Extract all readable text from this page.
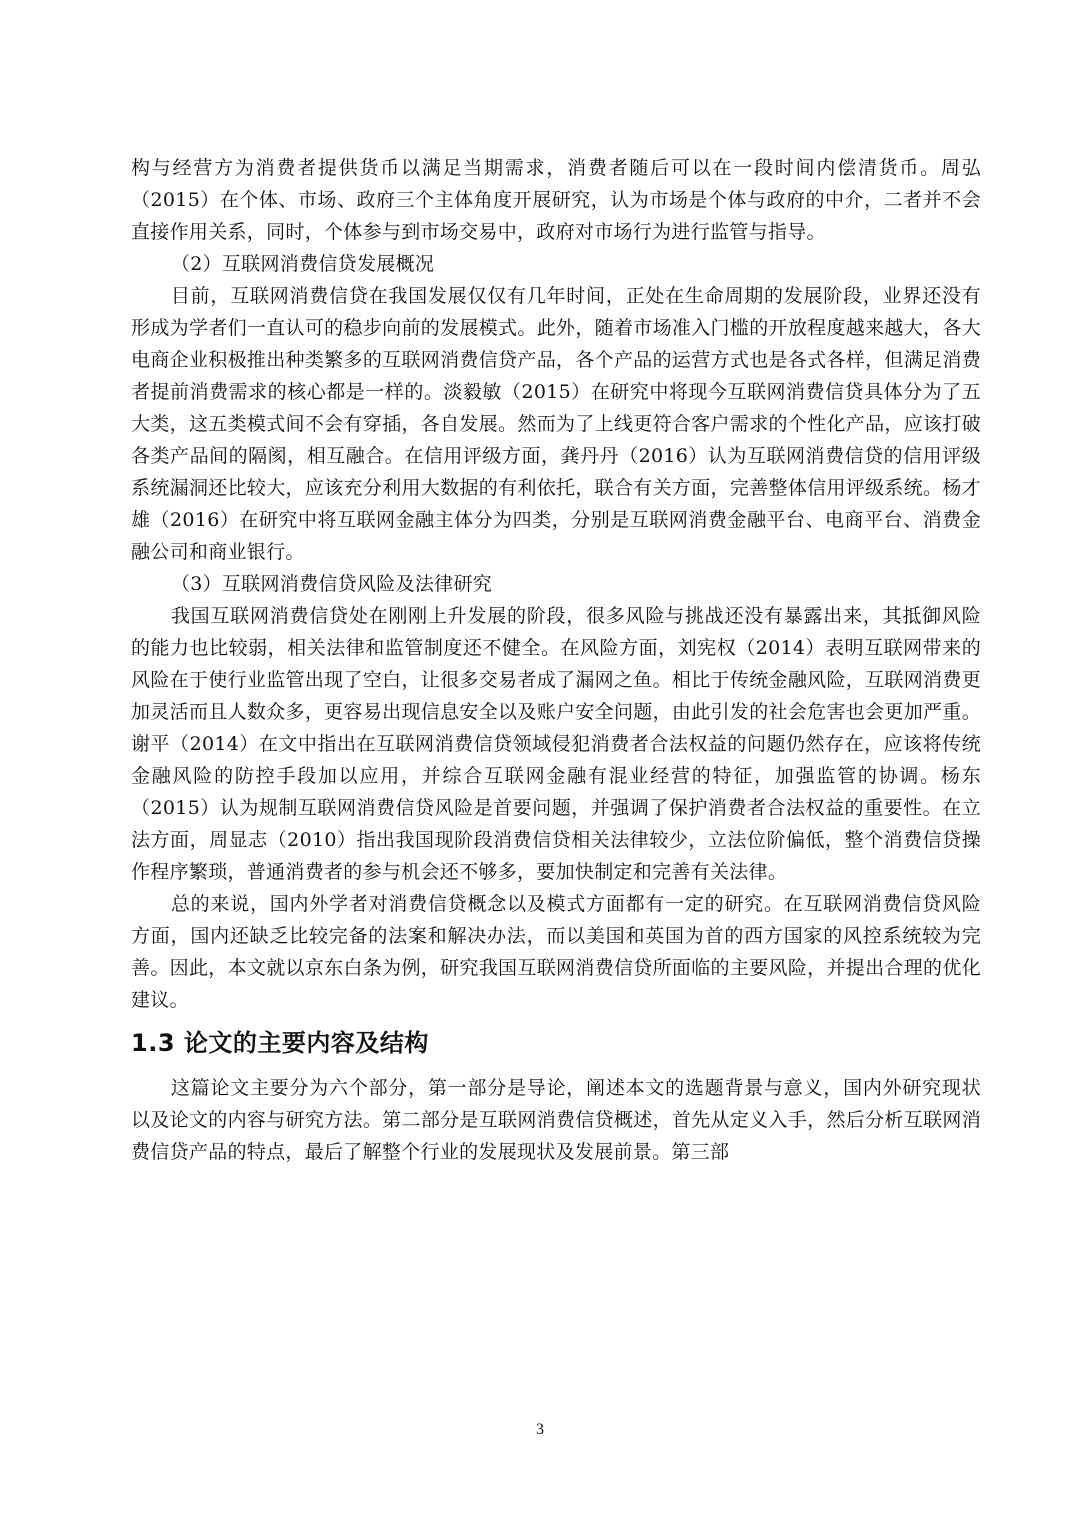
构与经营方为消费者提供货币以满足当期需求，消费者随后可以在一段时间内偿清货币。周弘（2015）在个体、市场、政府三个主体角度开展研究，认为市场是个体与政府的中介，二者并不会直接作用关系，同时，个体参与到市场交易中，政府对市场行为进行监管与指导。

（2）互联网消费信贷发展概况

目前，互联网消费信贷在我国发展仅仅有几年时间，正处在生命周期的发展阶段，业界还没有形成为学者们一直认可的稳步向前的发展模式。此外，随着市场准入门槛的开放程度越来越大，各大电商企业积极推出种类繁多的互联网消费信贷产品，各个产品的运营方式也是各式各样，但满足消费者提前消费需求的核心都是一样的。淡毅敏（2015）在研究中将现今互联网消费信贷具体分为了五大类，这五类模式间不会有穿插，各自发展。然而为了上线更符合客户需求的个性化产品，应该打破各类产品间的隔阂，相互融合。在信用评级方面，龚丹丹（2016）认为互联网消费信贷的信用评级系统漏洞还比较大，应该充分利用大数据的有利依托，联合有关方面，完善整体信用评级系统。杨才雄（2016）在研究中将互联网金融主体分为四类，分别是互联网消费金融平台、电商平台、消费金融公司和商业银行。

（3）互联网消费信贷风险及法律研究

我国互联网消费信贷处在刚刚上升发展的阶段，很多风险与挑战还没有暴露出来，其抵御风险的能力也比较弱，相关法律和监管制度还不健全。在风险方面，刘宪权（2014）表明互联网带来的风险在于使行业监管出现了空白，让很多交易者成了漏网之鱼。相比于传统金融风险，互联网消费更加灵活而且人数众多，更容易出现信息安全以及账户安全问题，由此引发的社会危害也会更加严重。谢平（2014）在文中指出在互联网消费信贷领域侵犯消费者合法权益的问题仍然存在，应该将传统金融风险的防控手段加以应用，并综合互联网金融有混业经营的特征，加强监管的协调。杨东（2015）认为规制互联网消费信贷风险是首要问题，并强调了保护消费者合法权益的重要性。在立法方面，周显志（2010）指出我国现阶段消费信贷相关法律较少，立法位阶偏低，整个消费信贷操作程序繁琐，普通消费者的参与机会还不够多，要加快制定和完善有关法律。

总的来说，国内外学者对消费信贷概念以及模式方面都有一定的研究。在互联网消费信贷风险方面，国内还缺乏比较完备的法案和解决办法，而以美国和英国为首的西方国家的风控系统较为完善。因此，本文就以京东白条为例，研究我国互联网消费信贷所面临的主要风险，并提出合理的优化建议。

1.3 论文的主要内容及结构

这篇论文主要分为六个部分，第一部分是导论，阐述本文的选题背景与意义，国内外研究现状以及论文的内容与研究方法。第二部分是互联网消费信贷概述，首先从定义入手，然后分析互联网消费信贷产品的特点，最后了解整个行业的发展现状及发展前景。第三部

3
